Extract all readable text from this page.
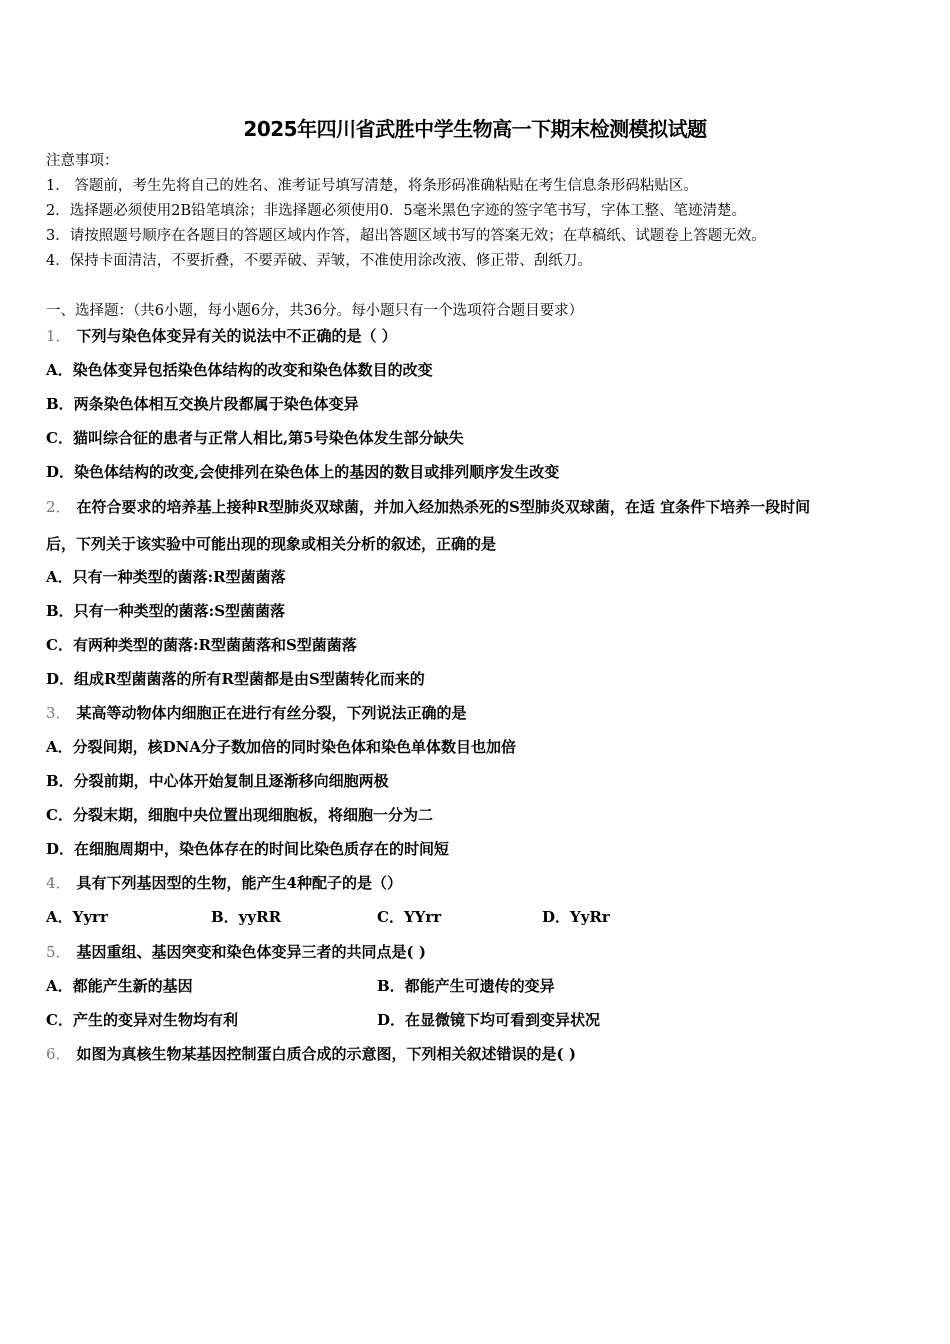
2025年四川省武胜中学生物高一下期末检测模拟试题
注意事项：
1． 答题前，考生先将自己的姓名、准考证号填写清楚，将条形码准确粘贴在考生信息条形码粘贴区。
2．选择题必须使用2B铅笔填涂；非选择题必须使用0．5毫米黑色字迹的签字笔书写，字体工整、笔迹清楚。
3．请按照题号顺序在各题目的答题区域内作答，超出答题区域书写的答案无效；在草稿纸、试题卷上答题无效。
4．保持卡面清洁，不要折叠，不要弄破、弄皱，不准使用涂改液、修正带、刮纸刀。
一、选择题：（共6小题，每小题6分，共36分。每小题只有一个选项符合题目要求）
1． 下列与染色体变异有关的说法中不正确的是（ ）
A．染色体变异包括染色体结构的改变和染色体数目的改变
B．两条染色体相互交换片段都属于染色体变异
C．猫叫综合征的患者与正常人相比,第5号染色体发生部分缺失
D．染色体结构的改变,会使排列在染色体上的基因的数目或排列顺序发生改变
2． 在符合要求的培养基上接种R型肺炎双球菌，并加入经加热杀死的S型肺炎双球菌，在适 宜条件下培养一段时间
后，下列关于该实验中可能出现的现象或相关分析的叙述，正确的是
A．只有一种类型的菌落:R型菌菌落
B．只有一种类型的菌落:S型菌菌落
C．有两种类型的菌落:R型菌菌落和S型菌菌落
D．组成R型菌菌落的所有R型菌都是由S型菌转化而来的
3． 某高等动物体内细胞正在进行有丝分裂，下列说法正确的是
A．分裂间期，核DNA分子数加倍的同时染色体和染色单体数目也加倍
B．分裂前期，中心体开始复制且逐渐移向细胞两极
C．分裂末期，细胞中央位置出现细胞板，将细胞一分为二
D．在细胞周期中，染色体存在的时间比染色质存在的时间短
4． 具有下列基因型的生物，能产生4种配子的是（）
A．Yyrr	B．yyRR	C．YYrr	D．YyRr
5． 基因重组、基因突变和染色体变异三者的共同点是( )
A．都能产生新的基因	B．都能产生可遗传的变异
C．产生的变异对生物均有利	D．在显微镜下均可看到变异状况
6． 如图为真核生物某基因控制蛋白质合成的示意图，下列相关叙述错误的是( )
